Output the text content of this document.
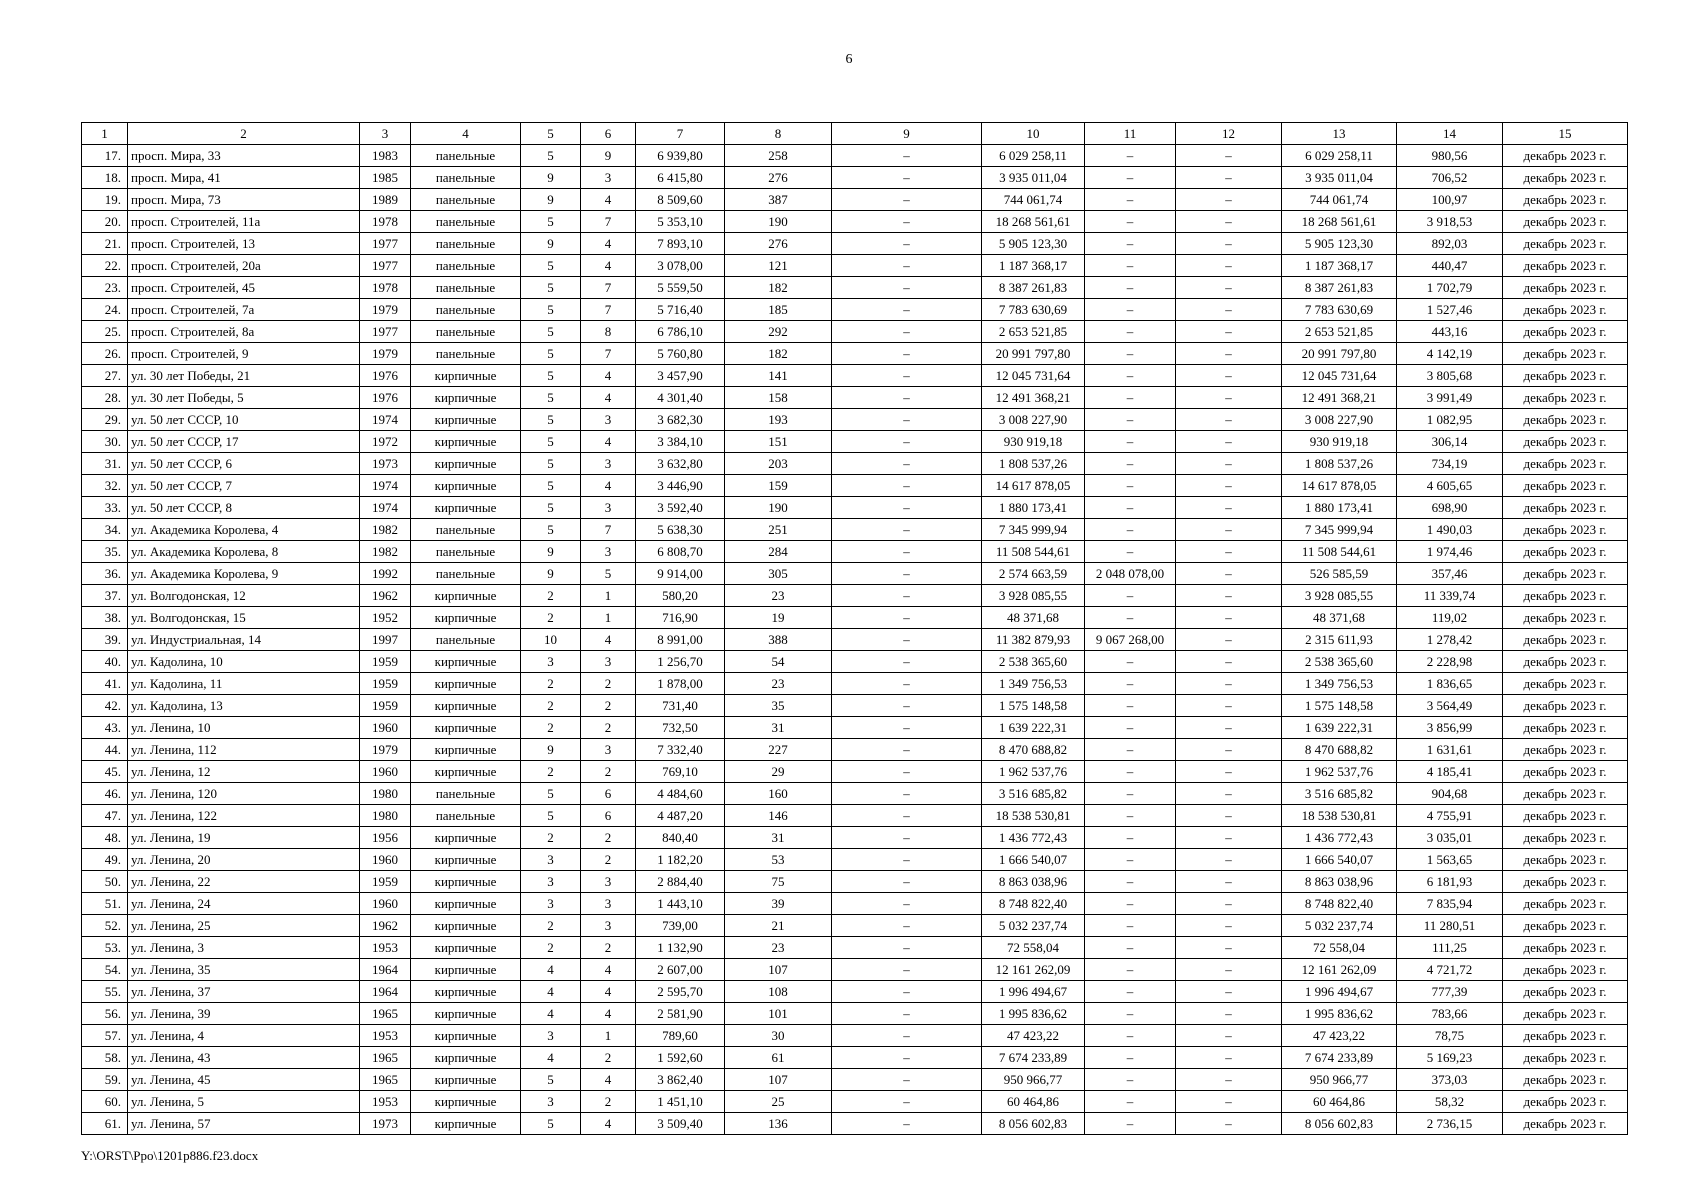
6
1	2	3	4	5	6	7	8	9	10	11	12	13	14	15
17.	просп. Мира, 33	1983	панельные	5	9	6 939,80	258	–	6 029 258,11	–	–	6 029 258,11	980,56	декабрь 2023 г.
18.	просп. Мира, 41	1985	панельные	9	3	6 415,80	276	–	3 935 011,04	–	–	3 935 011,04	706,52	декабрь 2023 г.
19.	просп. Мира, 73	1989	панельные	9	4	8 509,60	387	–	744 061,74	–	–	744 061,74	100,97	декабрь 2023 г.
20.	просп. Строителей, 11а	1978	панельные	5	7	5 353,10	190	–	18 268 561,61	–	–	18 268 561,61	3 918,53	декабрь 2023 г.
21.	просп. Строителей, 13	1977	панельные	9	4	7 893,10	276	–	5 905 123,30	–	–	5 905 123,30	892,03	декабрь 2023 г.
22.	просп. Строителей, 20а	1977	панельные	5	4	3 078,00	121	–	1 187 368,17	–	–	1 187 368,17	440,47	декабрь 2023 г.
23.	просп. Строителей, 45	1978	панельные	5	7	5 559,50	182	–	8 387 261,83	–	–	8 387 261,83	1 702,79	декабрь 2023 г.
24.	просп. Строителей, 7а	1979	панельные	5	7	5 716,40	185	–	7 783 630,69	–	–	7 783 630,69	1 527,46	декабрь 2023 г.
25.	просп. Строителей, 8а	1977	панельные	5	8	6 786,10	292	–	2 653 521,85	–	–	2 653 521,85	443,16	декабрь 2023 г.
26.	просп. Строителей, 9	1979	панельные	5	7	5 760,80	182	–	20 991 797,80	–	–	20 991 797,80	4 142,19	декабрь 2023 г.
27.	ул. 30 лет Победы, 21	1976	кирпичные	5	4	3 457,90	141	–	12 045 731,64	–	–	12 045 731,64	3 805,68	декабрь 2023 г.
28.	ул. 30 лет Победы, 5	1976	кирпичные	5	4	4 301,40	158	–	12 491 368,21	–	–	12 491 368,21	3 991,49	декабрь 2023 г.
29.	ул. 50 лет СССР, 10	1974	кирпичные	5	3	3 682,30	193	–	3 008 227,90	–	–	3 008 227,90	1 082,95	декабрь 2023 г.
30.	ул. 50 лет СССР, 17	1972	кирпичные	5	4	3 384,10	151	–	930 919,18	–	–	930 919,18	306,14	декабрь 2023 г.
31.	ул. 50 лет СССР, 6	1973	кирпичные	5	3	3 632,80	203	–	1 808 537,26	–	–	1 808 537,26	734,19	декабрь 2023 г.
32.	ул. 50 лет СССР, 7	1974	кирпичные	5	4	3 446,90	159	–	14 617 878,05	–	–	14 617 878,05	4 605,65	декабрь 2023 г.
33.	ул. 50 лет СССР, 8	1974	кирпичные	5	3	3 592,40	190	–	1 880 173,41	–	–	1 880 173,41	698,90	декабрь 2023 г.
34.	ул. Академика Королева, 4	1982	панельные	5	7	5 638,30	251	–	7 345 999,94	–	–	7 345 999,94	1 490,03	декабрь 2023 г.
35.	ул. Академика Королева, 8	1982	панельные	9	3	6 808,70	284	–	11 508 544,61	–	–	11 508 544,61	1 974,46	декабрь 2023 г.
36.	ул. Академика Королева, 9	1992	панельные	9	5	9 914,00	305	–	2 574 663,59	2 048 078,00	–	526 585,59	357,46	декабрь 2023 г.
37.	ул. Волгодонская, 12	1962	кирпичные	2	1	580,20	23	–	3 928 085,55	–	–	3 928 085,55	11 339,74	декабрь 2023 г.
38.	ул. Волгодонская, 15	1952	кирпичные	2	1	716,90	19	–	48 371,68	–	–	48 371,68	119,02	декабрь 2023 г.
39.	ул. Индустриальная, 14	1997	панельные	10	4	8 991,00	388	–	11 382 879,93	9 067 268,00	–	2 315 611,93	1 278,42	декабрь 2023 г.
40.	ул. Кадолина, 10	1959	кирпичные	3	3	1 256,70	54	–	2 538 365,60	–	–	2 538 365,60	2 228,98	декабрь 2023 г.
41.	ул. Кадолина, 11	1959	кирпичные	2	2	1 878,00	23	–	1 349 756,53	–	–	1 349 756,53	1 836,65	декабрь 2023 г.
42.	ул. Кадолина, 13	1959	кирпичные	2	2	731,40	35	–	1 575 148,58	–	–	1 575 148,58	3 564,49	декабрь 2023 г.
43.	ул. Ленина, 10	1960	кирпичные	2	2	732,50	31	–	1 639 222,31	–	–	1 639 222,31	3 856,99	декабрь 2023 г.
44.	ул. Ленина, 112	1979	кирпичные	9	3	7 332,40	227	–	8 470 688,82	–	–	8 470 688,82	1 631,61	декабрь 2023 г.
45.	ул. Ленина, 12	1960	кирпичные	2	2	769,10	29	–	1 962 537,76	–	–	1 962 537,76	4 185,41	декабрь 2023 г.
46.	ул. Ленина, 120	1980	панельные	5	6	4 484,60	160	–	3 516 685,82	–	–	3 516 685,82	904,68	декабрь 2023 г.
47.	ул. Ленина, 122	1980	панельные	5	6	4 487,20	146	–	18 538 530,81	–	–	18 538 530,81	4 755,91	декабрь 2023 г.
48.	ул. Ленина, 19	1956	кирпичные	2	2	840,40	31	–	1 436 772,43	–	–	1 436 772,43	3 035,01	декабрь 2023 г.
49.	ул. Ленина, 20	1960	кирпичные	3	2	1 182,20	53	–	1 666 540,07	–	–	1 666 540,07	1 563,65	декабрь 2023 г.
50.	ул. Ленина, 22	1959	кирпичные	3	3	2 884,40	75	–	8 863 038,96	–	–	8 863 038,96	6 181,93	декабрь 2023 г.
51.	ул. Ленина, 24	1960	кирпичные	3	3	1 443,10	39	–	8 748 822,40	–	–	8 748 822,40	7 835,94	декабрь 2023 г.
52.	ул. Ленина, 25	1962	кирпичные	2	3	739,00	21	–	5 032 237,74	–	–	5 032 237,74	11 280,51	декабрь 2023 г.
53.	ул. Ленина, 3	1953	кирпичные	2	2	1 132,90	23	–	72 558,04	–	–	72 558,04	111,25	декабрь 2023 г.
54.	ул. Ленина, 35	1964	кирпичные	4	4	2 607,00	107	–	12 161 262,09	–	–	12 161 262,09	4 721,72	декабрь 2023 г.
55.	ул. Ленина, 37	1964	кирпичные	4	4	2 595,70	108	–	1 996 494,67	–	–	1 996 494,67	777,39	декабрь 2023 г.
56.	ул. Ленина, 39	1965	кирпичные	4	4	2 581,90	101	–	1 995 836,62	–	–	1 995 836,62	783,66	декабрь 2023 г.
57.	ул. Ленина, 4	1953	кирпичные	3	1	789,60	30	–	47 423,22	–	–	47 423,22	78,75	декабрь 2023 г.
58.	ул. Ленина, 43	1965	кирпичные	4	2	1 592,60	61	–	7 674 233,89	–	–	7 674 233,89	5 169,23	декабрь 2023 г.
59.	ул. Ленина, 45	1965	кирпичные	5	4	3 862,40	107	–	950 966,77	–	–	950 966,77	373,03	декабрь 2023 г.
60.	ул. Ленина, 5	1953	кирпичные	3	2	1 451,10	25	–	60 464,86	–	–	60 464,86	58,32	декабрь 2023 г.
61.	ул. Ленина, 57	1973	кирпичные	5	4	3 509,40	136	–	8 056 602,83	–	–	8 056 602,83	2 736,15	декабрь 2023 г.
Y:\ORST\Ppo\1201p886.f23.docx
